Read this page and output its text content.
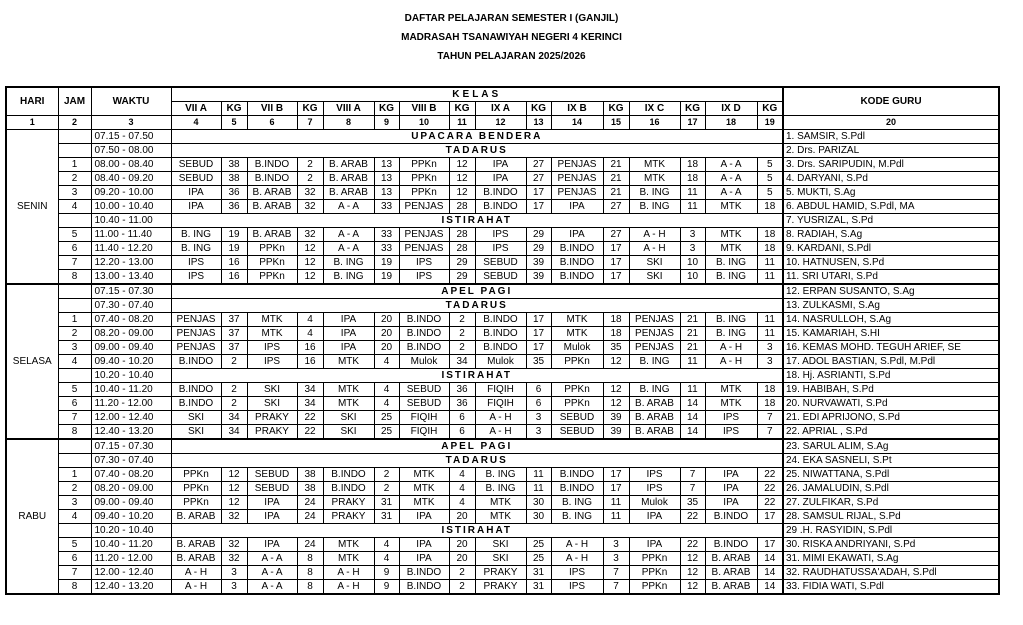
DAFTAR PELAJARAN SEMESTER I (GANJIL)
MADRASAH TSANAWIYAH NEGERI 4 KERINCI
TAHUN PELAJARAN 2025/2026
HARI	JAM	WAKTU	KELAS																KODE GURU
			VII A	KG	VII B	KG	VIII A	KG	VIII B	KG	IX A	KG	IX B	KG	IX C	KG	IX D	KG	
1	2	3	4	5	6	7	8	9	10	11	12	13	14	15	16	17	18	19	20
SENIN		07.15 - 07.50	UPACARA BENDERA																1. SAMSIR, S.Pdl
		07.50 - 08.00	TADARUS																2. Drs. PARIZAL
	1	08.00 - 08.40	SEBUD	38	B.INDO	2	B. ARAB	13	PPKn	12	IPA	27	PENJAS	21	MTK	18	A - A	5	3. Drs. SARIPUDIN, M.Pdl
	2	08.40 - 09.20	SEBUD	38	B.INDO	2	B. ARAB	13	PPKn	12	IPA	27	PENJAS	21	MTK	18	A - A	5	4. DARYANI, S.Pd
	3	09.20 - 10.00	IPA	36	B. ARAB	32	B. ARAB	13	PPKn	12	B.INDO	17	PENJAS	21	B. ING	11	A - A	5	5. MUKTI, S.Ag
	4	10.00 - 10.40	IPA	36	B. ARAB	32	A - A	33	PENJAS	28	B.INDO	17	IPA	27	B. ING	11	MTK	18	6. ABDUL HAMID, S.Pdl, MA
		10.40 - 11.00	ISTIRAHAT																7. YUSRIZAL, S.Pd
	5	11.00 - 11.40	B. ING	19	B. ARAB	32	A - A	33	PENJAS	28	IPS	29	IPA	27	A - H	3	MTK	18	8. RADIAH, S.Ag
	6	11.40 - 12.20	B. ING	19	PPKn	12	A - A	33	PENJAS	28	IPS	29	B.INDO	17	A - H	3	MTK	18	9. KARDANI, S.Pdl
	7	12.20 - 13.00	IPS	16	PPKn	12	B. ING	19	IPS	29	SEBUD	39	B.INDO	17	SKI	10	B. ING	11	10. HATNUSEN, S.Pd
	8	13.00 - 13.40	IPS	16	PPKn	12	B. ING	19	IPS	29	SEBUD	39	B.INDO	17	SKI	10	B. ING	11	11. SRI UTARI, S.Pd
SELASA		07.15 - 07.30	APEL PAGI																12. ERPAN SUSANTO, S.Ag
		07.30 - 07.40	TADARUS																13. ZULKASMI, S.Ag
	1	07.40 - 08.20	PENJAS	37	MTK	4	IPA	20	B.INDO	2	B.INDO	17	MTK	18	PENJAS	21	B. ING	11	14. NASRULLOH, S.Ag
	2	08.20 - 09.00	PENJAS	37	MTK	4	IPA	20	B.INDO	2	B.INDO	17	MTK	18	PENJAS	21	B. ING	11	15. KAMARIAH, S.HI
	3	09.00 - 09.40	PENJAS	37	IPS	16	IPA	20	B.INDO	2	B.INDO	17	Mulok	35	PENJAS	21	A - H	3	16. KEMAS MOHD. TEGUH ARIEF, SE
	4	09.40 - 10.20	B.INDO	2	IPS	16	MTK	4	Mulok	34	Mulok	35	PPKn	12	B. ING	11	A - H	3	17. ADOL BASTIAN, S.Pdl, M.Pdl
		10.20 - 10.40	ISTIRAHAT																18. Hj. ASRIANTI, S.Pd
	5	10.40 - 11.20	B.INDO	2	SKI	34	MTK	4	SEBUD	36	FIQIH	6	PPKn	12	B. ING	11	MTK	18	19. HABIBAH, S.Pd
	6	11.20 - 12.00	B.INDO	2	SKI	34	MTK	4	SEBUD	36	FIQIH	6	PPKn	12	B. ARAB	14	MTK	18	20. NURVAWATI, S.Pd
	7	12.00 - 12.40	SKI	34	PRAKY	22	SKI	25	FIQIH	6	A - H	3	SEBUD	39	B. ARAB	14	IPS	7	21. EDI APRIJONO, S.Pd
	8	12.40 - 13.20	SKI	34	PRAKY	22	SKI	25	FIQIH	6	A - H	3	SEBUD	39	B. ARAB	14	IPS	7	22. APRIAL , S.Pd
RABU		07.15 - 07.30	APEL PAGI																23. SARUL ALIM, S.Ag
		07.30 - 07.40	TADARUS																24. EKA SASNELI, S.Pt
	1	07.40 - 08.20	PPKn	12	SEBUD	38	B.INDO	2	MTK	4	B. ING	11	B.INDO	17	IPS	7	IPA	22	25. NIWATTANA, S.Pdl
	2	08.20 - 09.00	PPKn	12	SEBUD	38	B.INDO	2	MTK	4	B. ING	11	B.INDO	17	IPS	7	IPA	22	26. JAMALUDIN, S.Pdl
	3	09.00 - 09.40	PPKn	12	IPA	24	PRAKY	31	MTK	4	MTK	30	B. ING	11	Mulok	35	IPA	22	27. ZULFIKAR, S.Pd
	4	09.40 - 10.20	B. ARAB	32	IPA	24	PRAKY	31	IPA	20	MTK	30	B. ING	11	IPA	22	B.INDO	17	28. SAMSUL RIJAL, S.Pd
		10.20 - 10.40	ISTIRAHAT																29 .H. RASYIDIN, S.Pdl
	5	10.40 - 11.20	B. ARAB	32	IPA	24	MTK	4	IPA	20	SKI	25	A - H	3	IPA	22	B.INDO	17	30. RISKA ANDRIYANI, S.Pd
	6	11.20 - 12.00	B. ARAB	32	A - A	8	MTK	4	IPA	20	SKI	25	A - H	3	PPKn	12	B. ARAB	14	31. MIMI EKAWATI, S.Ag
	7	12.00 - 12.40	A - H	3	A - A	8	A - H	9	B.INDO	2	PRAKY	31	IPS	7	PPKn	12	B. ARAB	14	32. RAUDHATUSSA'ADAH, S.Pdl
	8	12.40 - 13.20	A - H	3	A - A	8	A - H	9	B.INDO	2	PRAKY	31	IPS	7	PPKn	12	B. ARAB	14	33. FIDIA WATI, S.Pdl
